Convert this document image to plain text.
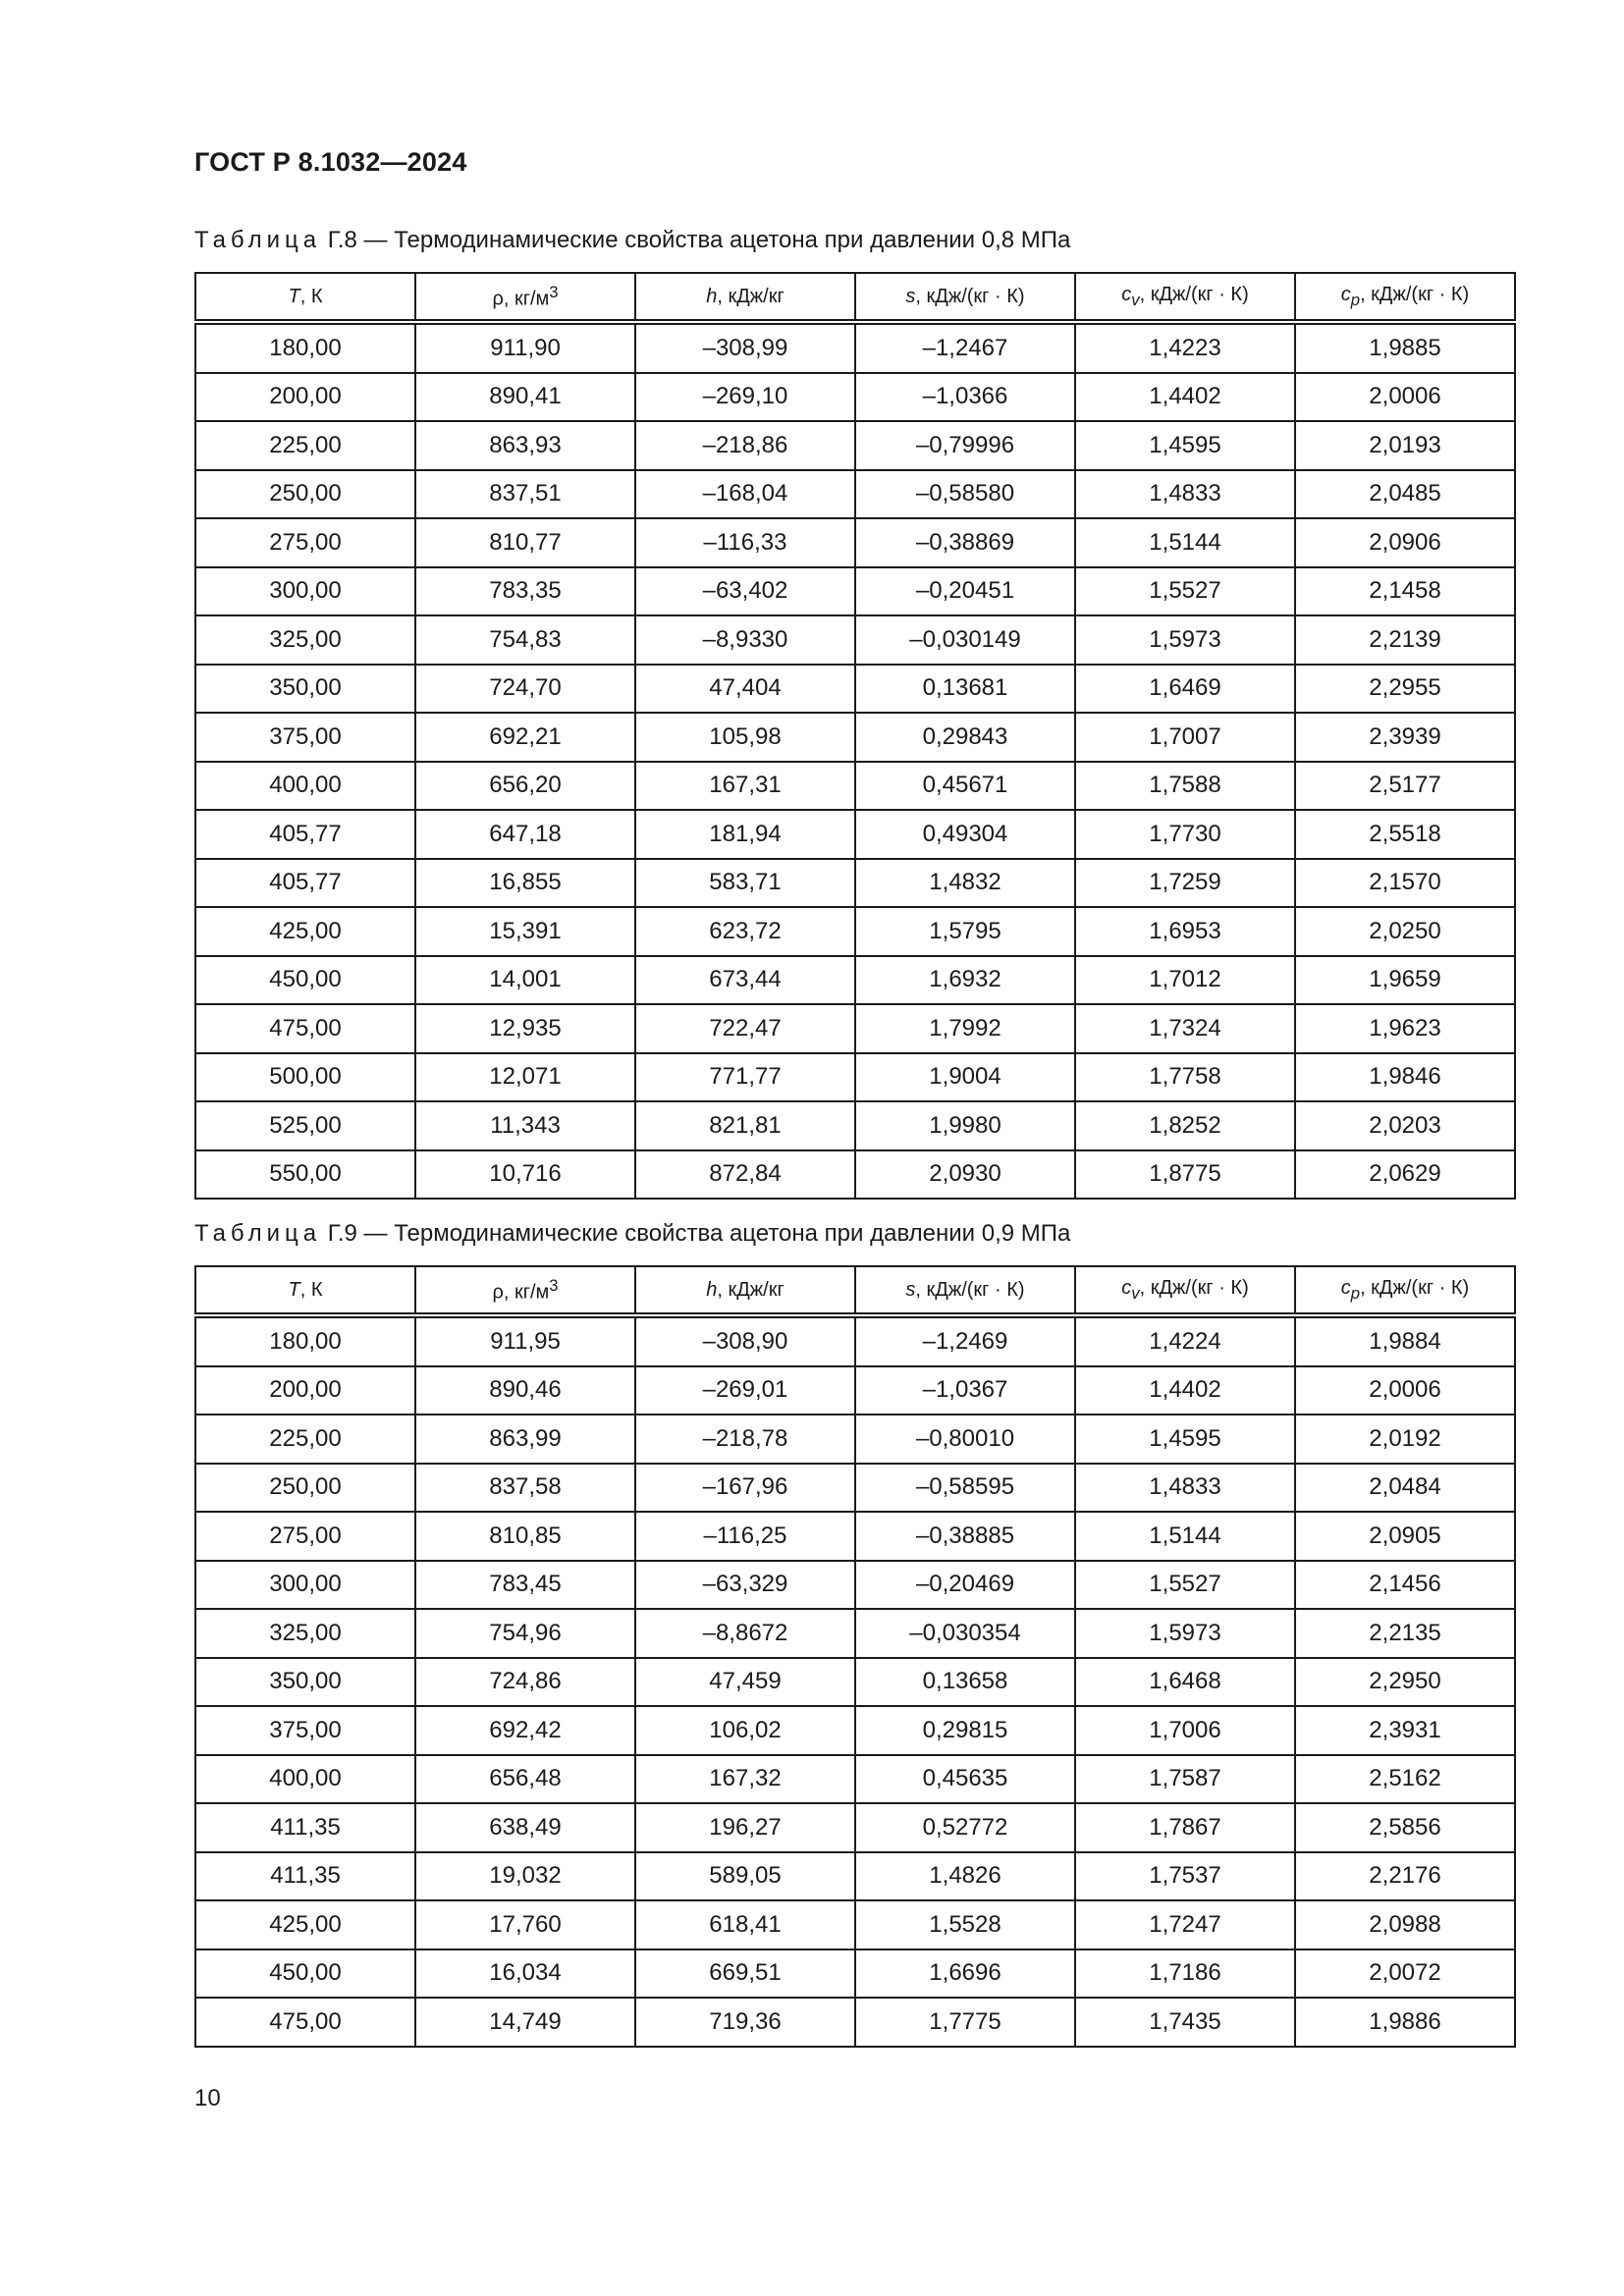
ГОСТ Р 8.1032—2024
Таблица Г.8 — Термодинамические свойства ацетона при давлении 0,8 МПа
T, К	ρ, $кг/м^3$	h, кДж/кг	s, кДж/(кг · К)	$c_v$, кДж/(кг · К)	$c_p$, кДж/(кг · К)
180,00	911,90	–308,99	–1,2467	1,4223	1,9885
200,00	890,41	–269,10	–1,0366	1,4402	2,0006
225,00	863,93	–218,86	–0,79996	1,4595	2,0193
250,00	837,51	–168,04	–0,58580	1,4833	2,0485
275,00	810,77	–116,33	–0,38869	1,5144	2,0906
300,00	783,35	–63,402	–0,20451	1,5527	2,1458
325,00	754,83	–8,9330	–0,030149	1,5973	2,2139
350,00	724,70	47,404	0,13681	1,6469	2,2955
375,00	692,21	105,98	0,29843	1,7007	2,3939
400,00	656,20	167,31	0,45671	1,7588	2,5177
405,77	647,18	181,94	0,49304	1,7730	2,5518
405,77	16,855	583,71	1,4832	1,7259	2,1570
425,00	15,391	623,72	1,5795	1,6953	2,0250
450,00	14,001	673,44	1,6932	1,7012	1,9659
475,00	12,935	722,47	1,7992	1,7324	1,9623
500,00	12,071	771,77	1,9004	1,7758	1,9846
525,00	11,343	821,81	1,9980	1,8252	2,0203
550,00	10,716	872,84	2,0930	1,8775	2,0629
Таблица Г.9 — Термодинамические свойства ацетона при давлении 0,9 МПа
T, К	ρ, $кг/м^3$	h, кДж/кг	s, кДж/(кг · К)	$c_v$, кДж/(кг · К)	$c_p$, кДж/(кг · К)
180,00	911,95	–308,90	–1,2469	1,4224	1,9884
200,00	890,46	–269,01	–1,0367	1,4402	2,0006
225,00	863,99	–218,78	–0,80010	1,4595	2,0192
250,00	837,58	–167,96	–0,58595	1,4833	2,0484
275,00	810,85	–116,25	–0,38885	1,5144	2,0905
300,00	783,45	–63,329	–0,20469	1,5527	2,1456
325,00	754,96	–8,8672	–0,030354	1,5973	2,2135
350,00	724,86	47,459	0,13658	1,6468	2,2950
375,00	692,42	106,02	0,29815	1,7006	2,3931
400,00	656,48	167,32	0,45635	1,7587	2,5162
411,35	638,49	196,27	0,52772	1,7867	2,5856
411,35	19,032	589,05	1,4826	1,7537	2,2176
425,00	17,760	618,41	1,5528	1,7247	2,0988
450,00	16,034	669,51	1,6696	1,7186	2,0072
475,00	14,749	719,36	1,7775	1,7435	1,9886
10
